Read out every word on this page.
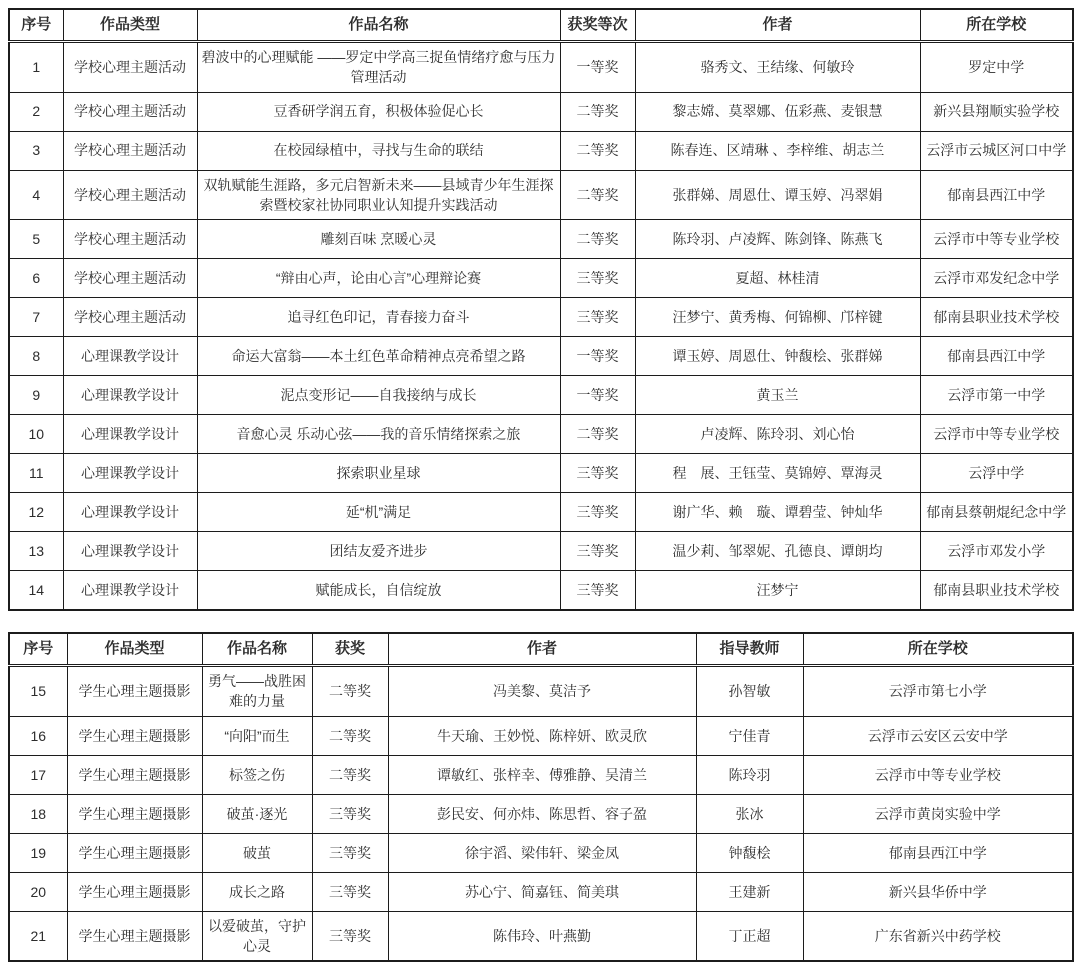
序号	作品类型	作品名称	获奖等次	作者	所在学校
1	学校心理主题活动	碧波中的心理赋能 ——罗定中学高三捉鱼情绪疗愈与压力管理活动	一等奖	骆秀文、王结缘、何敏玲	罗定中学
2	学校心理主题活动	豆香研学润五育，积极体验促心长	二等奖	黎志嫦、莫翠娜、伍彩燕、麦银慧	新兴县翔顺实验学校
3	学校心理主题活动	在校园绿植中，寻找与生命的联结	二等奖	陈春连、区靖琳 、李梓维、胡志兰	云浮市云城区河口中学
4	学校心理主题活动	双轨赋能生涯路，多元启智新未来——县域青少年生涯探索暨校家社协同职业认知提升实践活动	二等奖	张群娣、周恩仕、谭玉婷、冯翠娟	郁南县西江中学
5	学校心理主题活动	雕刻百味 烹暖心灵	二等奖	陈玲羽、卢凌辉、陈剑锋、陈燕飞	云浮市中等专业学校
6	学校心理主题活动	“辩由心声，论由心言”心理辩论赛	三等奖	夏超、林桂清	云浮市邓发纪念中学
7	学校心理主题活动	追寻红色印记，青春接力奋斗	三等奖	汪梦宁、黄秀梅、何锦柳、邝梓键	郁南县职业技术学校
8	心理课教学设计	命运大富翁——本土红色革命精神点亮希望之路	一等奖	谭玉婷、周恩仕、钟馥桧、张群娣	郁南县西江中学
9	心理课教学设计	泥点变形记——自我接纳与成长	一等奖	黄玉兰	云浮市第一中学
10	心理课教学设计	音愈心灵 乐动心弦——我的音乐情绪探索之旅	二等奖	卢凌辉、陈玲羽、刘心怡	云浮市中等专业学校
11	心理课教学设计	探索职业星球	三等奖	程　展、王钰莹、莫锦婷、覃海灵	云浮中学
12	心理课教学设计	延“机”满足	三等奖	谢广华、赖　璇、谭碧莹、钟灿华	郁南县蔡朝焜纪念中学
13	心理课教学设计	团结友爱齐进步	三等奖	温少莉、邹翠妮、孔德良、谭朗均	云浮市邓发小学
14	心理课教学设计	赋能成长，自信绽放	三等奖	汪梦宁	郁南县职业技术学校
序号	作品类型	作品名称	获奖	作者	指导教师	所在学校
15	学生心理主题摄影	勇气——战胜困难的力量	二等奖	冯美黎、莫洁予	孙智敏	云浮市第七小学
16	学生心理主题摄影	“向阳”而生	二等奖	牛天瑜、王妙悦、陈梓妍、欧灵欣	宁佳青	云浮市云安区云安中学
17	学生心理主题摄影	标签之伤	二等奖	谭敏红、张梓幸、傅雅静、吴清兰	陈玲羽	云浮市中等专业学校
18	学生心理主题摄影	破茧·逐光	三等奖	彭民安、何亦炜、陈思哲、容子盈	张冰	云浮市黄岗实验中学
19	学生心理主题摄影	破茧	三等奖	徐宇滔、梁伟轩、梁金凤	钟馥桧	郁南县西江中学
20	学生心理主题摄影	成长之路	三等奖	苏心宁、简嘉钰、简美琪	王建新	新兴县华侨中学
21	学生心理主题摄影	以爱破茧，守护心灵	三等奖	陈伟玲、叶燕勤	丁正超	广东省新兴中药学校
